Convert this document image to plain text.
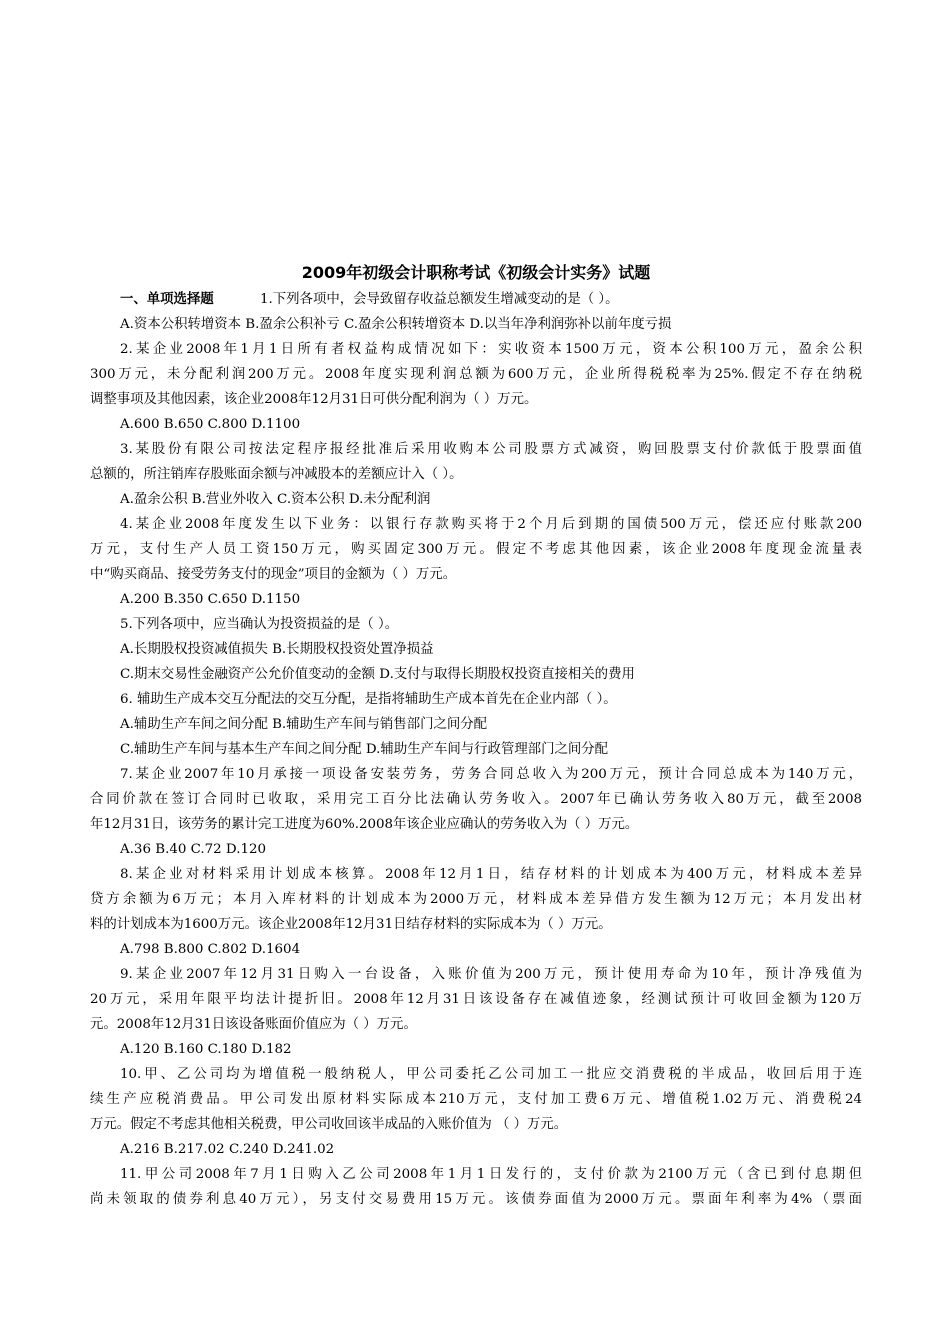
2009年初级会计职称考试《初级会计实务》试题
一、单项选择题	1.下列各项中，会导致留存收益总额发生增减变动的是（ ）。
A.资本公积转增资本 B.盈余公积补亏 C.盈余公积转增资本 D.以当年净利润弥补以前年度亏损
2.某企业2008年1月1日所有者权益构成情况如下：实收资本1500万元，资本公积100万元，盈余公积
300万元，未分配利润200万元。2008年度实现利润总额为600万元，企业所得税税率为25%.假定不存在纳税
调整事项及其他因素，该企业2008年12月31日可供分配利润为（ ）万元。
A.600 B.650 C.800 D.1100
3.某股份有限公司按法定程序报经批准后采用收购本公司股票方式减资，购回股票支付价款低于股票面值
总额的，所注销库存股账面余额与冲减股本的差额应计入（ ）。
A.盈余公积 B.营业外收入 C.资本公积 D.未分配利润
4.某企业2008年度发生以下业务：以银行存款购买将于2个月后到期的国债500万元，偿还应付账款200
万元，支付生产人员工资150万元，购买固定300万元。假定不考虑其他因素，该企业2008年度现金流量表
中“购买商品、接受劳务支付的现金”项目的金额为（ ）万元。
A.200 B.350 C.650 D.1150
5.下列各项中，应当确认为投资损益的是（ ）。
A.长期股权投资减值损失 B.长期股权投资处置净损益
C.期末交易性金融资产公允价值变动的金额 D.支付与取得长期股权投资直接相关的费用
6. 辅助生产成本交互分配法的交互分配，是指将辅助生产成本首先在企业内部（ ）。
A.辅助生产车间之间分配 B.辅助生产车间与销售部门之间分配
C.辅助生产车间与基本生产车间之间分配 D.辅助生产车间与行政管理部门之间分配
7.某企业2007年10月承接一项设备安装劳务，劳务合同总收入为200万元，预计合同总成本为140万元，
合同价款在签订合同时已收取，采用完工百分比法确认劳务收入。2007年已确认劳务收入80万元，截至2008
年12月31日，该劳务的累计完工进度为60%.2008年该企业应确认的劳务收入为（ ）万元。
A.36 B.40 C.72 D.120
8.某企业对材料采用计划成本核算。2008年12月1日，结存材料的计划成本为400万元，材料成本差异
贷方余额为6万元；本月入库材料的计划成本为2000万元，材料成本差异借方发生额为12万元；本月发出材
料的计划成本为1600万元。该企业2008年12月31日结存材料的实际成本为（ ）万元。
A.798 B.800 C.802 D.1604
9.某企业2007年12月31日购入一台设备，入账价值为200万元，预计使用寿命为10年，预计净残值为
20万元，采用年限平均法计提折旧。2008年12月31日该设备存在减值迹象，经测试预计可收回金额为120万
元。2008年12月31日该设备账面价值应为（ ）万元。
A.120 B.160 C.180 D.182
10.甲、乙公司均为增值税一般纳税人，甲公司委托乙公司加工一批应交消费税的半成品，收回后用于连
续生产应税消费品。甲公司发出原材料实际成本210万元，支付加工费6万元、增值税1.02万元、消费税24
万元。假定不考虑其他相关税费，甲公司收回该半成品的入账价值为 （ ）万元。
A.216 B.217.02 C.240 D.241.02
11.甲公司2008年7月1日购入乙公司2008年1月1日发行的，支付价款为2100万元（含已到付息期但
尚未领取的债券利息40万元），另支付交易费用15万元。该债券面值为2000万元。票面年利率为4%（票面
